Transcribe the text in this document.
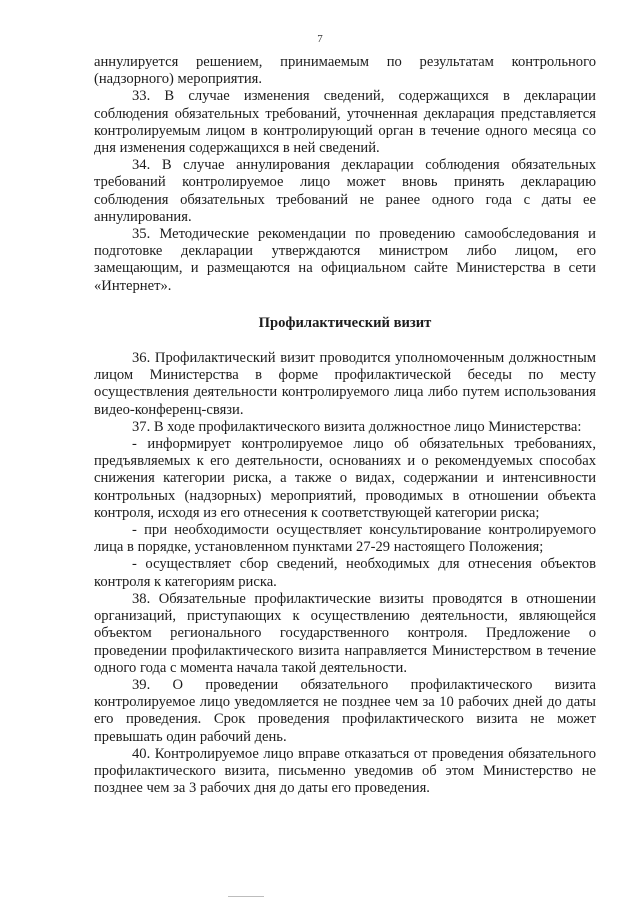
7

аннулируется решением, принимаемым по результатам контрольного (надзорного) мероприятия.

33. В случае изменения сведений, содержащихся в декларации соблюдения обязательных требований, уточненная декларация представляется контролируемым лицом в контролирующий орган в течение одного месяца со дня изменения содержащихся в ней сведений.

34. В случае аннулирования декларации соблюдения обязательных требований контролируемое лицо может вновь принять декларацию соблюдения обязательных требований не ранее одного года с даты ее аннулирования.

35. Методические рекомендации по проведению самообследования и подготовке декларации утверждаются министром либо лицом, его замещающим, и размещаются на официальном сайте Министерства в сети «Интернет».

Профилактический визит

36. Профилактический визит проводится уполномоченным должностным лицом Министерства в форме профилактической беседы по месту осуществления деятельности контролируемого лица либо путем использования видео-конференц-связи.

37. В ходе профилактического визита должностное лицо Министерства:

- информирует контролируемое лицо об обязательных требованиях, предъявляемых к его деятельности, основаниях и о рекомендуемых способах снижения категории риска, а также о видах, содержании и интенсивности контрольных (надзорных) мероприятий, проводимых в отношении объекта контроля, исходя из его отнесения к соответствующей категории риска;

- при необходимости осуществляет консультирование контролируемого лица в порядке, установленном пунктами 27-29 настоящего Положения;

- осуществляет сбор сведений, необходимых для отнесения объектов контроля к категориям риска.

38. Обязательные профилактические визиты проводятся в отношении организаций, приступающих к осуществлению деятельности, являющейся объектом регионального государственного контроля. Предложение о проведении профилактического визита направляется Министерством в течение одного года с момента начала такой деятельности.

39. О проведении обязательного профилактического визита контролируемое лицо уведомляется не позднее чем за 10 рабочих дней до даты его проведения. Срок проведения профилактического визита не может превышать один рабочий день.

40. Контролируемое лицо вправе отказаться от проведения обязательного профилактического визита, письменно уведомив об этом Министерство не позднее чем за 3 рабочих дня до даты его проведения.
